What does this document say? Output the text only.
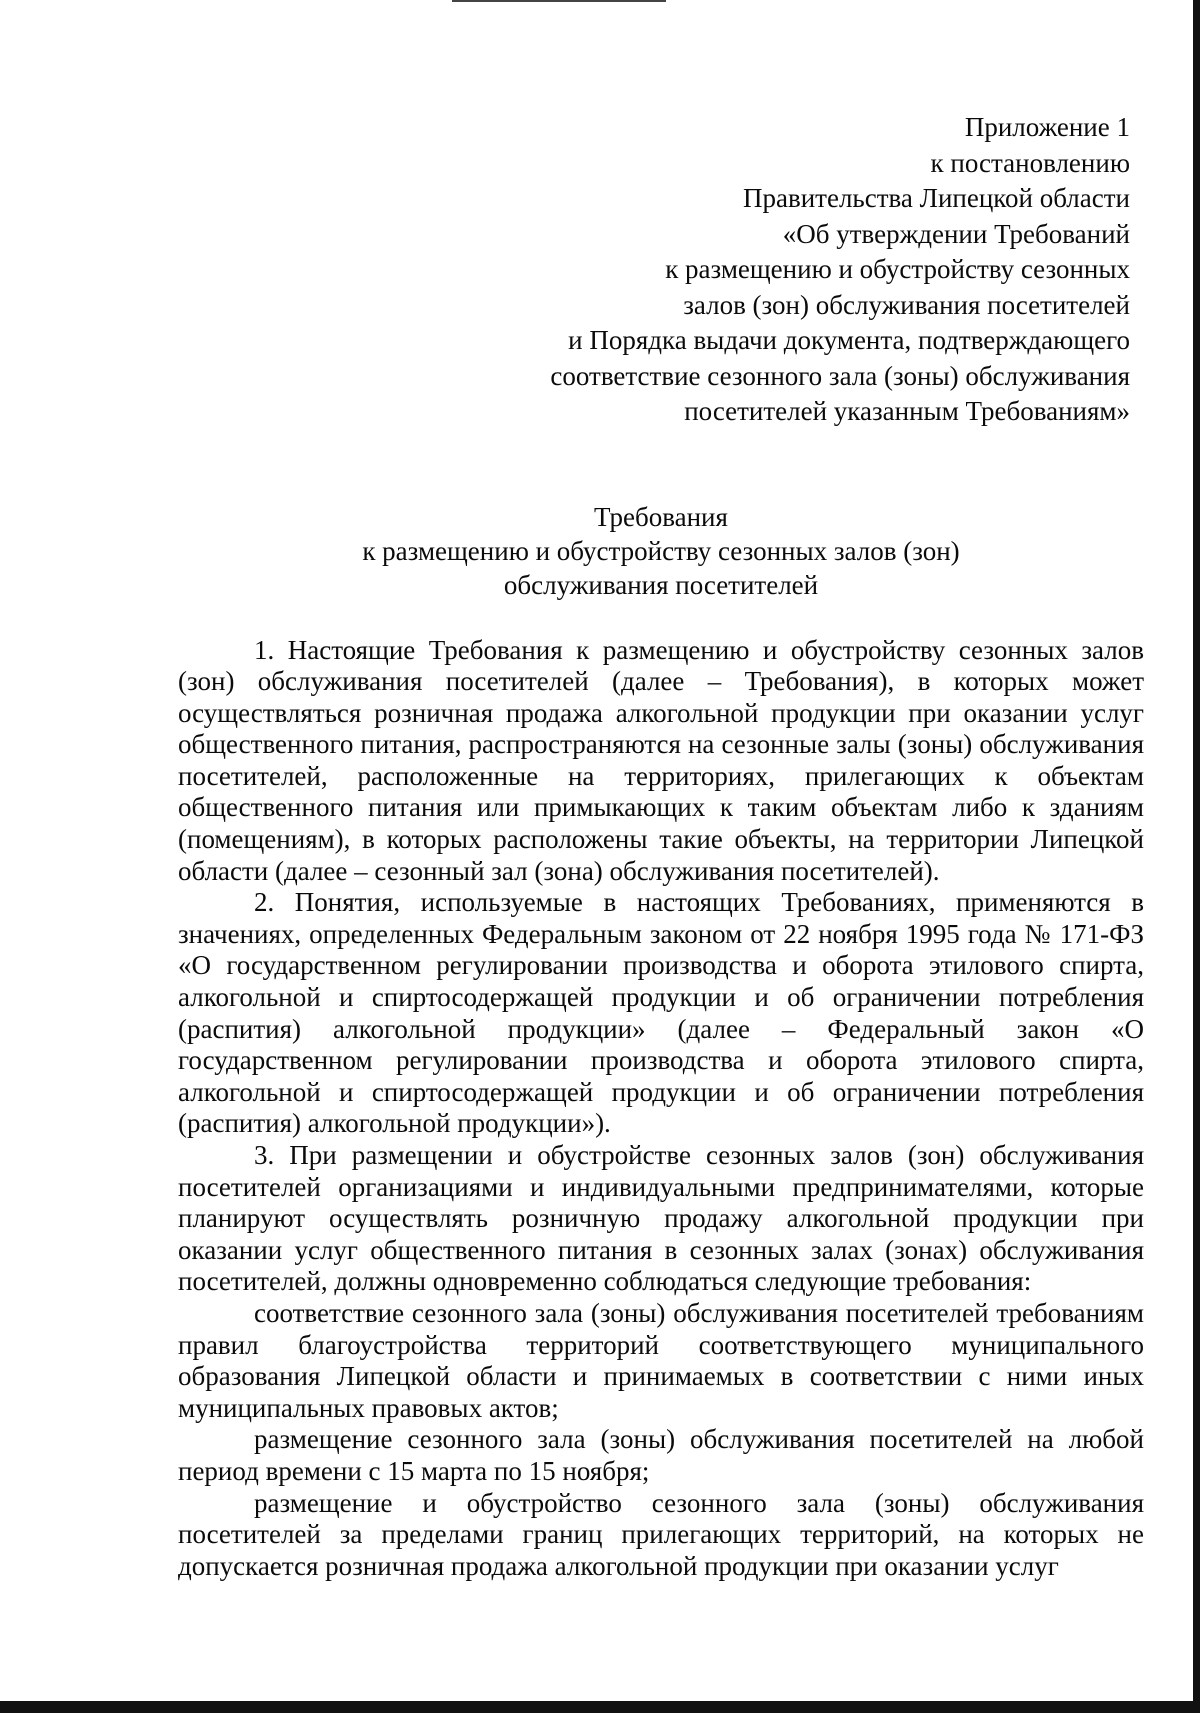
Приложение 1
к постановлению
Правительства Липецкой области
«Об утверждении Требований
к размещению и обустройству сезонных
залов (зон) обслуживания посетителей
и Порядка выдачи документа, подтверждающего
соответствие сезонного зала (зоны) обслуживания
посетителей указанным Требованиям»
Требования
к размещению и обустройству сезонных залов (зон)
обслуживания посетителей

1. Настоящие Требования к размещению и обустройству сезонных залов (зон) обслуживания посетителей (далее – Требования), в которых может осуществляться розничная продажа алкогольной продукции при оказании услуг общественного питания, распространяются на сезонные залы (зоны) обслуживания посетителей, расположенные на территориях, прилегающих к объектам общественного питания или примыкающих к таким объектам либо к зданиям (помещениям), в которых расположены такие объекты, на территории Липецкой области (далее – сезонный зал (зона) обслуживания посетителей).

2. Понятия, используемые в настоящих Требованиях, применяются в значениях, определенных Федеральным законом от 22 ноября 1995 года № 171-ФЗ «О государственном регулировании производства и оборота этилового спирта, алкогольной и спиртосодержащей продукции и об ограничении потребления (распития) алкогольной продукции» (далее – Федеральный закон «О государственном регулировании производства и оборота этилового спирта, алкогольной и спиртосодержащей продукции и об ограничении потребления (распития) алкогольной продукции»).

3. При размещении и обустройстве сезонных залов (зон) обслуживания посетителей организациями и индивидуальными предпринимателями, которые планируют осуществлять розничную продажу алкогольной продукции при оказании услуг общественного питания в сезонных залах (зонах) обслуживания посетителей, должны одновременно соблюдаться следующие требования:

соответствие сезонного зала (зоны) обслуживания посетителей требованиям правил благоустройства территорий соответствующего муниципального образования Липецкой области и принимаемых в соответствии с ними иных муниципальных правовых актов;

размещение сезонного зала (зоны) обслуживания посетителей на любой период времени с 15 марта по 15 ноября;

размещение и обустройство сезонного зала (зоны) обслуживания посетителей за пределами границ прилегающих территорий, на которых не допускается розничная продажа алкогольной продукции при оказании услуг
